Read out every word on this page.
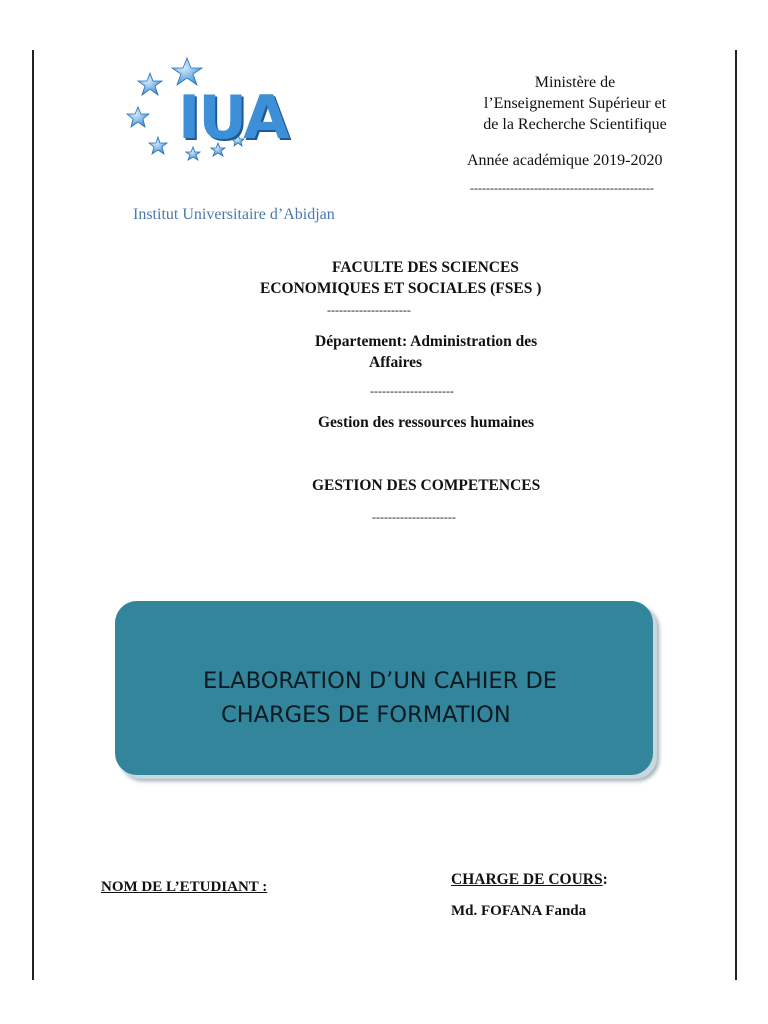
IUA
Institut Universitaire d’Abidjan
Ministère de
l’Enseignement Supérieur et
de la Recherche Scientifique
Année académique 2019-2020
----------------------------------------------
FACULTE DES SCIENCES
ECONOMIQUES ET SOCIALES (FSES )
---------------------
Département: Administration des
Affaires
---------------------
Gestion des ressources humaines
GESTION DES COMPETENCES
---------------------
ELABORATION D’UN CAHIER DE
CHARGES DE FORMATION
NOM DE L’ETUDIANT :	CHARGE DE COURS:
Md. FOFANA Fanda
